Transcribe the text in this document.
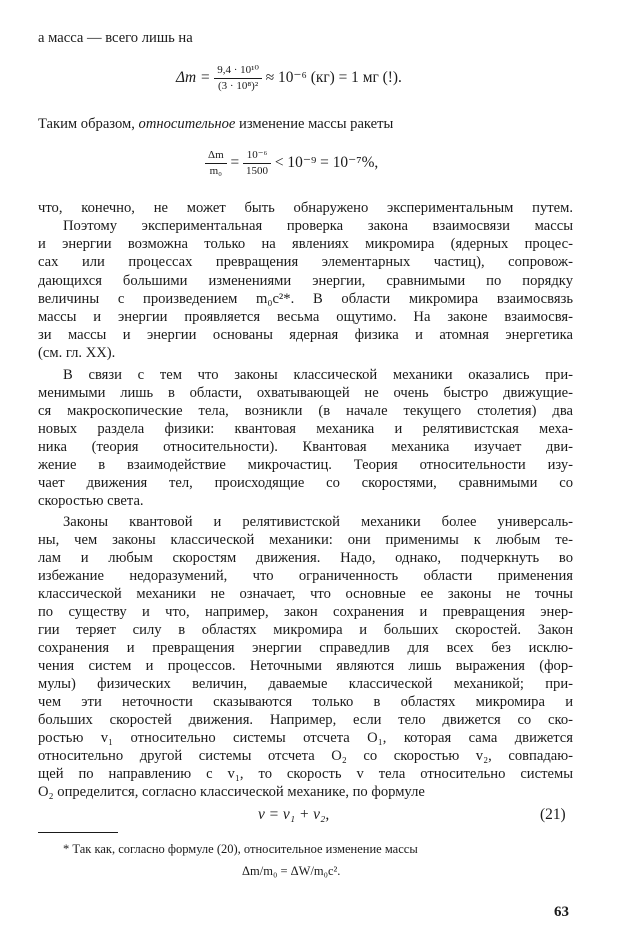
а масса — всего лишь на
$\Delta m = \frac{\text{9,4 · 10¹⁰}}{\text{(3 · 10⁸)²}} \approx 10^{-6}$ (кг) = 1 мг (!).
Таким образом, относительное изменение массы ракеты
$\frac{\Delta m}{\text{m₀}} = \frac{\text{10⁻⁶}}{1500} < 10^{-9} = 10^{-7}\%$,
что, конечно, не может быть обнаружено экспериментальным путем.
Поэтому экспериментальная проверка закона взаимосвязи массы
и энергии возможна только на явлениях микромира (ядерных процес-
сах или процессах превращения элементарных частиц), сопровож-
дающихся большими изменениями энергии, сравнимыми по порядку
величины с произведением m₀c²*. В области микромира взаимосвязь
массы и энергии проявляется весьма ощутимо. На законе взаимосвя-
зи массы и энергии основаны ядерная физика и атомная энергетика
(см. гл. XX).
В связи с тем что законы классической механики оказались при-
менимыми лишь в области, охватывающей не очень быстро движущие-
ся макроскопические тела, возникли (в начале текущего столетия) два
новых раздела физики: квантовая механика и релятивистская меха-
ника (теория относительности). Квантовая механика изучает дви-
жение в взаимодействие микрочастиц. Теория относительности изу-
чает движения тел, происходящие со скоростями, сравнимыми со
скоростью света.
Законы квантовой и релятивистской механики более универсаль-
ны, чем законы классической механики: они применимы к любым те-
лам и любым скоростям движения. Надо, однако, подчеркнуть во
избежание недоразумений, что ограниченность области применения
классической механики не означает, что основные ее законы не точны
по существу и что, например, закон сохранения и превращения энер-
гии теряет силу в областях микромира и больших скоростей. Закон
сохранения и превращения энергии справедлив для всех без исклю-
чения систем и процессов. Неточными являются лишь выражения (фор-
мулы) физических величин, даваемые классической механикой; при-
чем эти неточности сказываются только в областях микромира и
больших скоростей движения. Например, если тело движется со ско-
ростью v₁ относительно системы отсчета O₁, которая сама движется
* Так как, согласно формуле (20), относительное изменение массы
Δm/m₀ = ΔW/m₀c².
63
относительно другой системы отсчета O₂ со скоростью v₂, совпадаю-
щей по направлению с v₁, то скорость v тела относительно системы
O₂ определится, согласно классической механике, по формуле
v = v₁ + v₂,	(21)
